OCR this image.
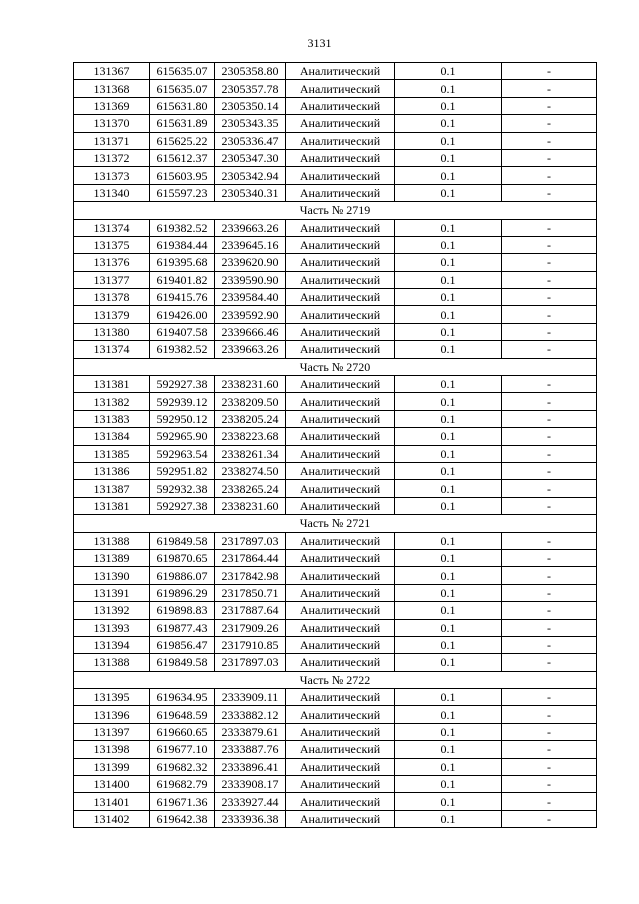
3131
131367	615635.07	2305358.80	Аналитический	0.1	-
131368	615635.07	2305357.78	Аналитический	0.1	-
131369	615631.80	2305350.14	Аналитический	0.1	-
131370	615631.89	2305343.35	Аналитический	0.1	-
131371	615625.22	2305336.47	Аналитический	0.1	-
131372	615612.37	2305347.30	Аналитический	0.1	-
131373	615603.95	2305342.94	Аналитический	0.1	-
131340	615597.23	2305340.31	Аналитический	0.1	-
Часть № 2719					
131374	619382.52	2339663.26	Аналитический	0.1	-
131375	619384.44	2339645.16	Аналитический	0.1	-
131376	619395.68	2339620.90	Аналитический	0.1	-
131377	619401.82	2339590.90	Аналитический	0.1	-
131378	619415.76	2339584.40	Аналитический	0.1	-
131379	619426.00	2339592.90	Аналитический	0.1	-
131380	619407.58	2339666.46	Аналитический	0.1	-
131374	619382.52	2339663.26	Аналитический	0.1	-
Часть № 2720					
131381	592927.38	2338231.60	Аналитический	0.1	-
131382	592939.12	2338209.50	Аналитический	0.1	-
131383	592950.12	2338205.24	Аналитический	0.1	-
131384	592965.90	2338223.68	Аналитический	0.1	-
131385	592963.54	2338261.34	Аналитический	0.1	-
131386	592951.82	2338274.50	Аналитический	0.1	-
131387	592932.38	2338265.24	Аналитический	0.1	-
131381	592927.38	2338231.60	Аналитический	0.1	-
Часть № 2721					
131388	619849.58	2317897.03	Аналитический	0.1	-
131389	619870.65	2317864.44	Аналитический	0.1	-
131390	619886.07	2317842.98	Аналитический	0.1	-
131391	619896.29	2317850.71	Аналитический	0.1	-
131392	619898.83	2317887.64	Аналитический	0.1	-
131393	619877.43	2317909.26	Аналитический	0.1	-
131394	619856.47	2317910.85	Аналитический	0.1	-
131388	619849.58	2317897.03	Аналитический	0.1	-
Часть № 2722					
131395	619634.95	2333909.11	Аналитический	0.1	-
131396	619648.59	2333882.12	Аналитический	0.1	-
131397	619660.65	2333879.61	Аналитический	0.1	-
131398	619677.10	2333887.76	Аналитический	0.1	-
131399	619682.32	2333896.41	Аналитический	0.1	-
131400	619682.79	2333908.17	Аналитический	0.1	-
131401	619671.36	2333927.44	Аналитический	0.1	-
131402	619642.38	2333936.38	Аналитический	0.1	-
